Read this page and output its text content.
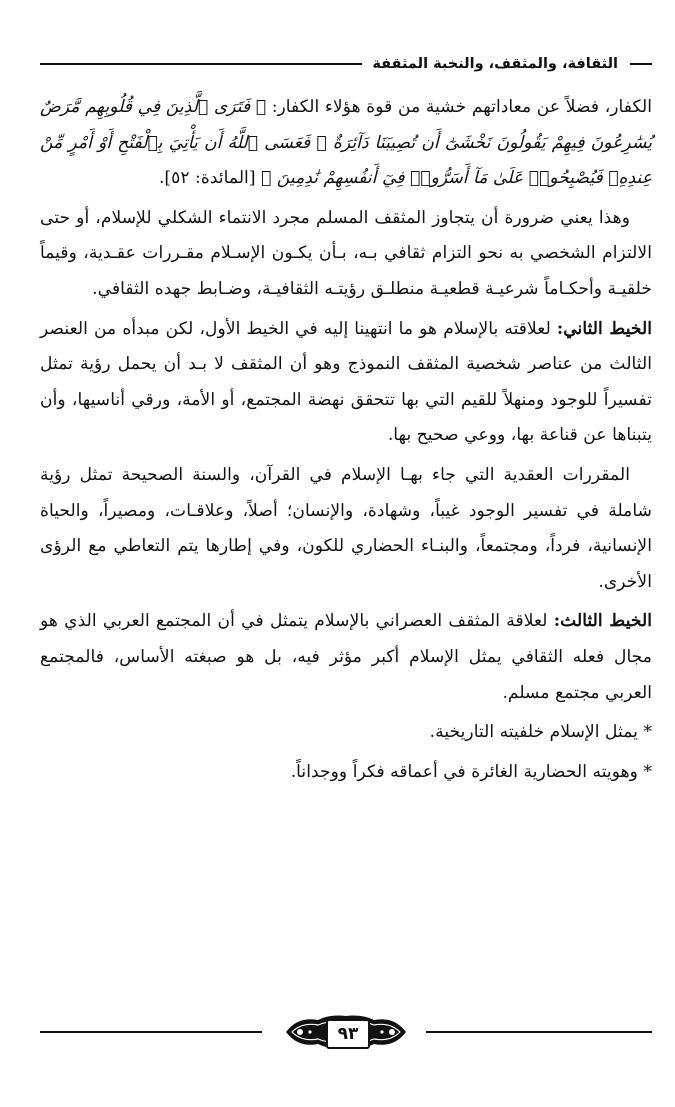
الثقافة، والمثقف، والنخبة المثقفة

الكفار، فضلاً عن معاداتهم خشية من قوة هؤلاء الكفار: ﴿ فَتَرَى ٱلَّذِينَ فِي قُلُوبِهِم مَّرَضٌ يُسَٰرِعُونَ فِيهِمْ يَقُولُونَ نَخْشَىٰٓ أَن تُصِيبَنَا دَآئِرَةٌ ۚ فَعَسَى ٱللَّهُ أَن يَأْتِيَ بِٱلْفَتْحِ أَوْ أَمْرٍ مِّنْ عِندِهِۦ فَيُصْبِحُوا۟ عَلَىٰ مَآ أَسَرُّوا۟ فِيٓ أَنفُسِهِمْ نَٰدِمِينَ ﴾ [المائدة: ٥٢].

وهذا يعني ضرورة أن يتجاوز المثقف المسلم مجرد الانتماء الشكلي للإسلام، أو حتى الالتزام الشخصي به نحو التزام ثقافي بـه، بـأن يكـون الإسـلام مقـررات عقـدية، وقيماً خلقيـة وأحكـاماً شرعيـة قطعيـة منطلـق رؤيتـه الثقافيـة، وضـابط جهده الثقافي.

الخيط الثاني: لعلاقته بالإسلام هو ما انتهينا إليه في الخيط الأول، لكن مبدأه من العنصر الثالث من عناصر شخصية المثقف النموذج وهو أن المثقف لا بـد أن يحمل رؤية تمثل تفسيراً للوجود ومنهلاً للقيم التي بها تتحقق نهضة المجتمع، أو الأمة، ورقي أناسيها، وأن يتبناها عن قناعة بها، ووعي صحيح بها.

المقررات العقدية التي جاء بهـا الإسلام في القرآن، والسنة الصحيحة تمثل رؤية شاملة في تفسير الوجود غيباً، وشهادة، والإنسان؛ أصلاً، وعلاقـات، ومصيراً، والحياة الإنسانية، فرداً، ومجتمعاً، والبنـاء الحضاري للكون، وفي إطارها يتم التعاطي مع الرؤى الأخرى.

الخيط الثالث: لعلاقة المثقف العصراني بالإسلام يتمثل في أن المجتمع العربي الذي هو مجال فعله الثقافي يمثل الإسلام أكبر مؤثر فيه، بل هو صبغته الأساس، فالمجتمع العربي مجتمع مسلم.

* يمثل الإسلام خلفيته التاريخية.

* وهويته الحضارية الغائرة في أعماقه فكراً ووجداناً.

٩٣
